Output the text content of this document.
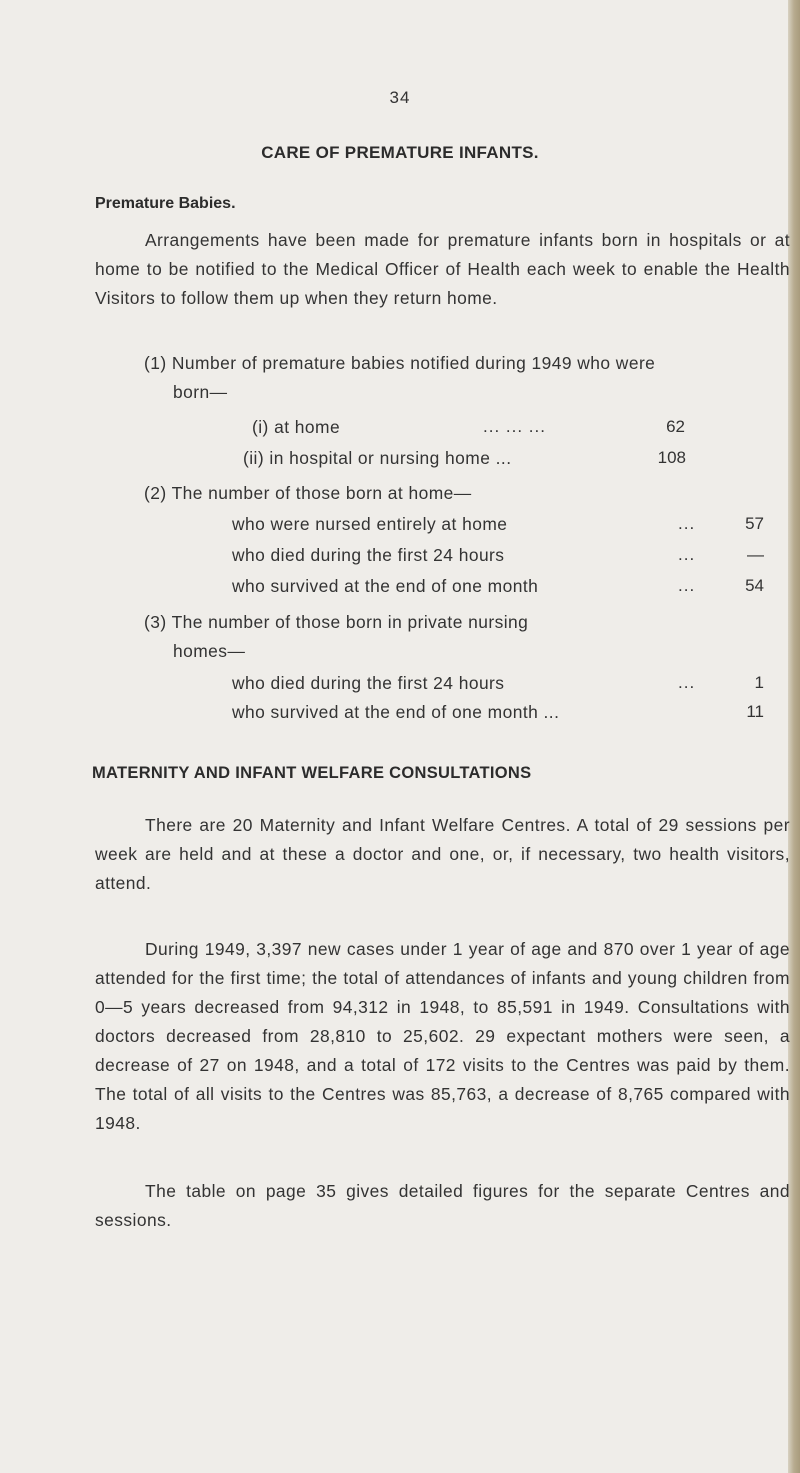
34
CARE OF PREMATURE INFANTS.
Premature Babies.

Arrangements have been made for premature infants born in hospitals or at home to be notified to the Medical Officer of Health each week to enable the Health Visitors to follow them up when they return home.

(1) Number of premature babies notified during 1949 who were
born—
(i) at home	... ... ...	62
(ii) in hospital or nursing home ...	108
(2) The number of those born at home—
who were nursed entirely at home	...	57
who died during the first 24 hours	...	—
who survived at the end of one month	...	54
(3) The number of those born in private nursing
homes—
who died during the first 24 hours	...	1
who survived at the end of one month ...	11
MATERNITY AND INFANT WELFARE CONSULTATIONS

There are 20 Maternity and Infant Welfare Centres. A total of 29 sessions per week are held and at these a doctor and one, or, if necessary, two health visitors, attend.

During 1949, 3,397 new cases under 1 year of age and 870 over 1 year of age attended for the first time; the total of attendances of infants and young children from 0—5 years decreased from 94,312 in 1948, to 85,591 in 1949. Consultations with doctors decreased from 28,810 to 25,602. 29 expectant mothers were seen, a decrease of 27 on 1948, and a total of 172 visits to the Centres was paid by them. The total of all visits to the Centres was 85,763, a decrease of 8,765 compared with 1948.

The table on page 35 gives detailed figures for the separate Centres and sessions.
